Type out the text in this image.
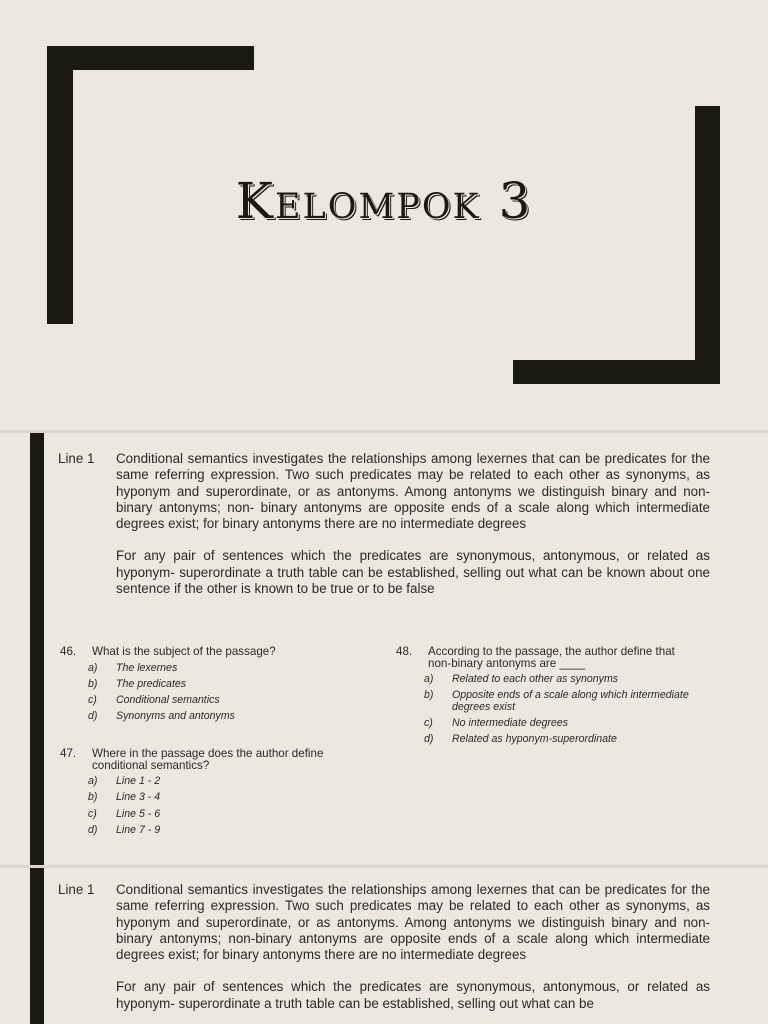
Kelompok 3
Line 1 Conditional semantics investigates the relationships among lexernes that can be predicates for the same referring expression. Two such predicates may be related to each other as synonyms, as hyponym and superordinate, or as antonyms. Among antonyms we distinguish binary and non-binary antonyms; non- binary antonyms are opposite ends of a scale along which intermediate degrees exist; for binary antonyms there are no intermediate degrees

For any pair of sentences which the predicates are synonymous, antonymous, or related as hyponym- superordinate a truth table can be established, selling out what can be known about one sentence if the other is known to be true or to be false

46. What is the subject of the passage?
a) The lexernes
b) The predicates
c) Conditional semantics
d) Synonyms and antonyms
47. Where in the passage does the author define conditional semantics?
a) Line 1 - 2
b) Line 3 - 4
c) Line 5 - 6
d) Line 7 - 9
48. According to the passage, the author define that non-binary antonyms are ____
a) Related to each other as synonyms
b) Opposite ends of a scale along which intermediate degrees exist
c) No intermediate degrees
d) Related as hyponym-superordinate
Line 1 Conditional semantics investigates the relationships among lexernes that can be predicates for the same referring expression. Two such predicates may be related to each other as synonyms, as hyponym and superordinate, or as antonyms. Among antonyms we distinguish binary and non-binary antonyms; non-binary antonyms are opposite ends of a scale along which intermediate degrees exist; for binary antonyms there are no intermediate degrees

For any pair of sentences which the predicates are synonymous, antonymous, or related as hyponym- superordinate a truth table can be established, selling out what can be
